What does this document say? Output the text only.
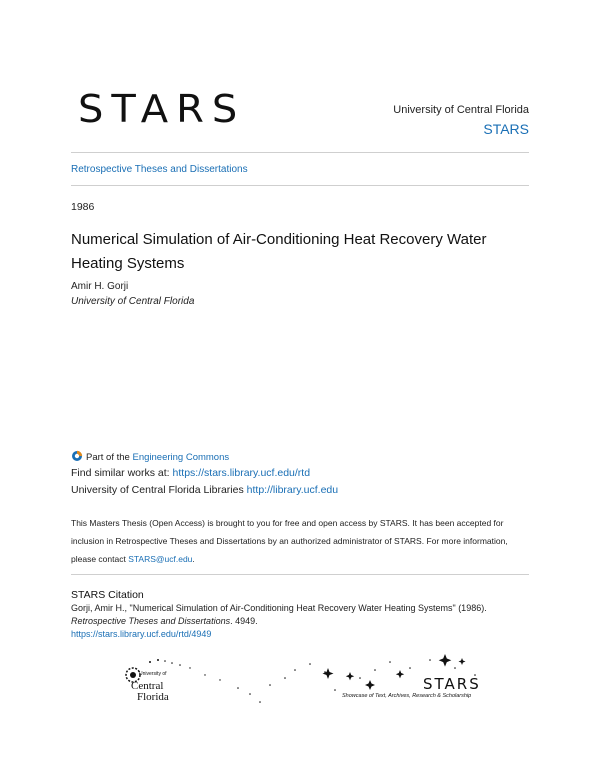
STARS	University of Central Florida
STARS
Retrospective Theses and Dissertations
1986
Numerical Simulation of Air-Conditioning Heat Recovery Water Heating Systems
Amir H. Gorji
University of Central Florida
Part of the Engineering Commons
Find similar works at: https://stars.library.ucf.edu/rtd
University of Central Florida Libraries http://library.ucf.edu
This Masters Thesis (Open Access) is brought to you for free and open access by STARS. It has been accepted for
inclusion in Retrospective Theses and Dissertations by an authorized administrator of STARS. For more information,
please contact STARS@ucf.edu.
STARS Citation
Gorji, Amir H., "Numerical Simulation of Air-Conditioning Heat Recovery Water Heating Systems" (1986).
Retrospective Theses and Dissertations. 4949.
https://stars.library.ucf.edu/rtd/4949
University of
Central
Florida
STARS
Showcase of Text, Archives, Research & Scholarship
